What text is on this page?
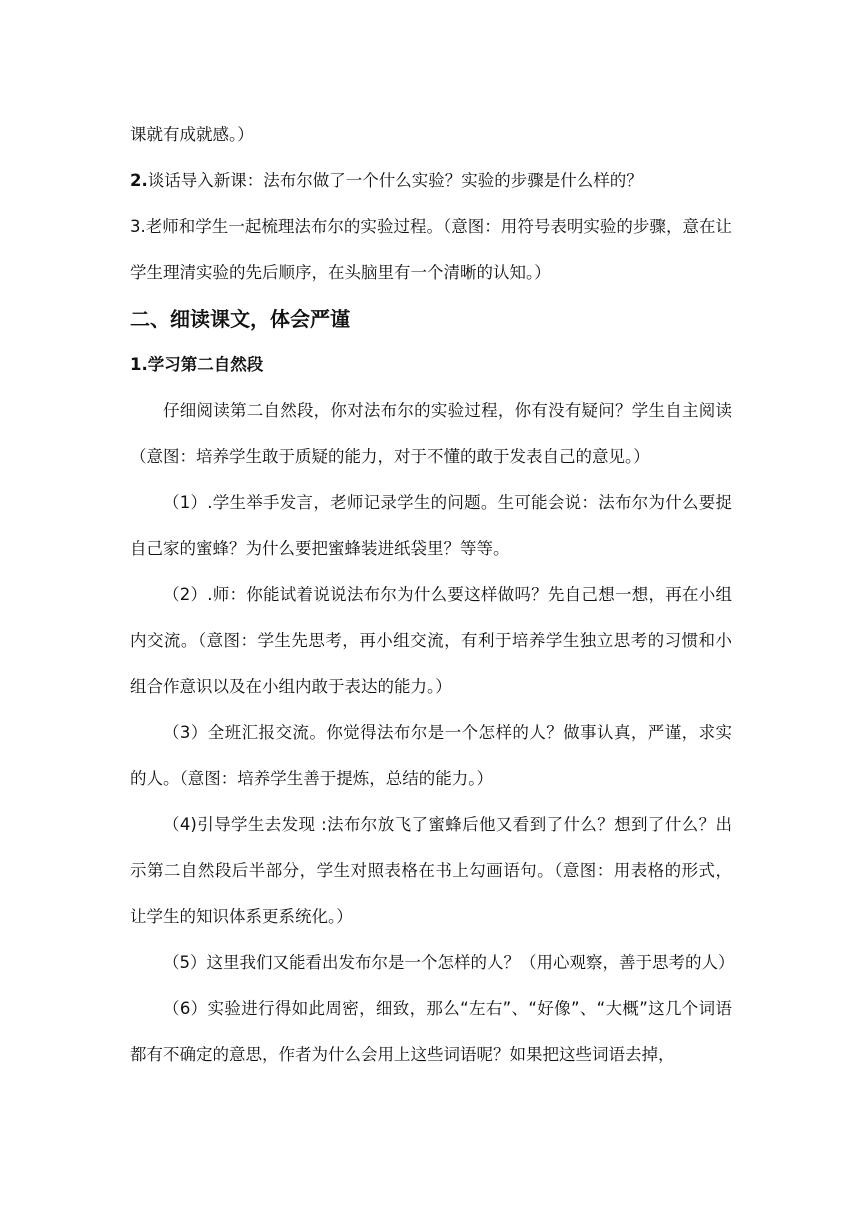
课就有成就感。）

2.谈话导入新课：法布尔做了一个什么实验？实验的步骤是什么样的？

3.老师和学生一起梳理法布尔的实验过程。（意图：用符号表明实验的步骤，意在让学生理清实验的先后顺序，在头脑里有一个清晰的认知。）

二、细读课文，体会严谨

1.学习第二自然段

仔细阅读第二自然段，你对法布尔的实验过程，你有没有疑问？学生自主阅读（意图：培养学生敢于质疑的能力，对于不懂的敢于发表自己的意见。）

（1）.学生举手发言，老师记录学生的问题。生可能会说：法布尔为什么要捉自己家的蜜蜂？为什么要把蜜蜂装进纸袋里？等等。

（2）.师：你能试着说说法布尔为什么要这样做吗？先自己想一想，再在小组内交流。（意图：学生先思考，再小组交流，有利于培养学生独立思考的习惯和小组合作意识以及在小组内敢于表达的能力。）

（3）全班汇报交流。你觉得法布尔是一个怎样的人？做事认真，严谨，求实的人。（意图：培养学生善于提炼，总结的能力。）

（4)引导学生去发现 :法布尔放飞了蜜蜂后他又看到了什么？想到了什么？出示第二自然段后半部分，学生对照表格在书上勾画语句。（意图：用表格的形式，让学生的知识体系更系统化。）

（5）这里我们又能看出发布尔是一个怎样的人？（用心观察，善于思考的人）

（6）实验进行得如此周密，细致，那么“左右”、“好像”、“大概”这几个词语都有不确定的意思，作者为什么会用上这些词语呢？如果把这些词语去掉，
